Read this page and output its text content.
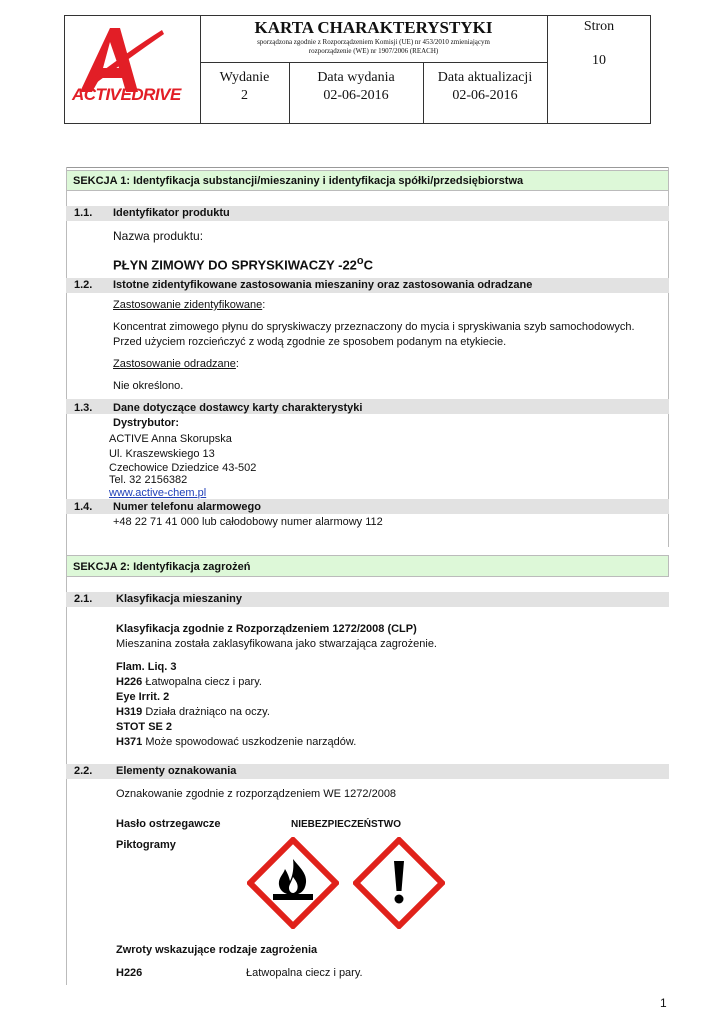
ACTIVEDRIVE
KARTA CHARAKTERYSTYKI
sporządzona zgodnie z Rozporządzeniem Komisji (UE) nr 453/2010 zmieniającym
rozporządzenie (WE) nr 1907/2006 (REACH)
Stron
10
Wydanie
2
Data wydania
02-06-2016
Data aktualizacji
02-06-2016
SEKCJA 1: Identyfikacja substancji/mieszaniny i identyfikacja spółki/przedsiębiorstwa
1.1. Identyfikator produktu
Nazwa produktu:
PŁYN ZIMOWY DO SPRYSKIWACZY -22$^o$C
1.2. Istotne zidentyfikowane zastosowania mieszaniny oraz zastosowania odradzane
Zastosowanie zidentyfikowane:
Koncentrat zimowego płynu do spryskiwaczy przeznaczony do mycia i spryskiwania szyb samochodowych.
Przed użyciem rozcieńczyć z wodą zgodnie ze sposobem podanym na etykiecie.
Zastosowanie odradzane:
Nie określono.
1.3. Dane dotyczące dostawcy karty charakterystyki
Dystrybutor:
ACTIVE Anna Skorupska
Ul. Kraszewskiego 13
Czechowice Dziedzice 43-502
Tel. 32 2156382
www.active-chem.pl
1.4. Numer telefonu alarmowego
+48 22 71 41 000 lub całodobowy numer alarmowy 112
SEKCJA 2: Identyfikacja zagrożeń
2.1. Klasyfikacja mieszaniny
Klasyfikacja zgodnie z Rozporządzeniem 1272/2008 (CLP)
Mieszanina została zaklasyfikowana jako stwarzająca zagrożenie.
Flam. Liq. 3
H226 Łatwopalna ciecz i pary.
Eye Irrit. 2
H319 Działa drażniąco na oczy.
STOT SE 2
H371 Może spowodować uszkodzenie narządów.
2.2. Elementy oznakowania
Oznakowanie zgodnie z rozporządzeniem WE 1272/2008
Hasło ostrzegawcze	NIEBEZPIECZEŃSTWO
Piktogramy
Zwroty wskazujące rodzaje zagrożenia
H226	Łatwopalna ciecz i pary.
1
